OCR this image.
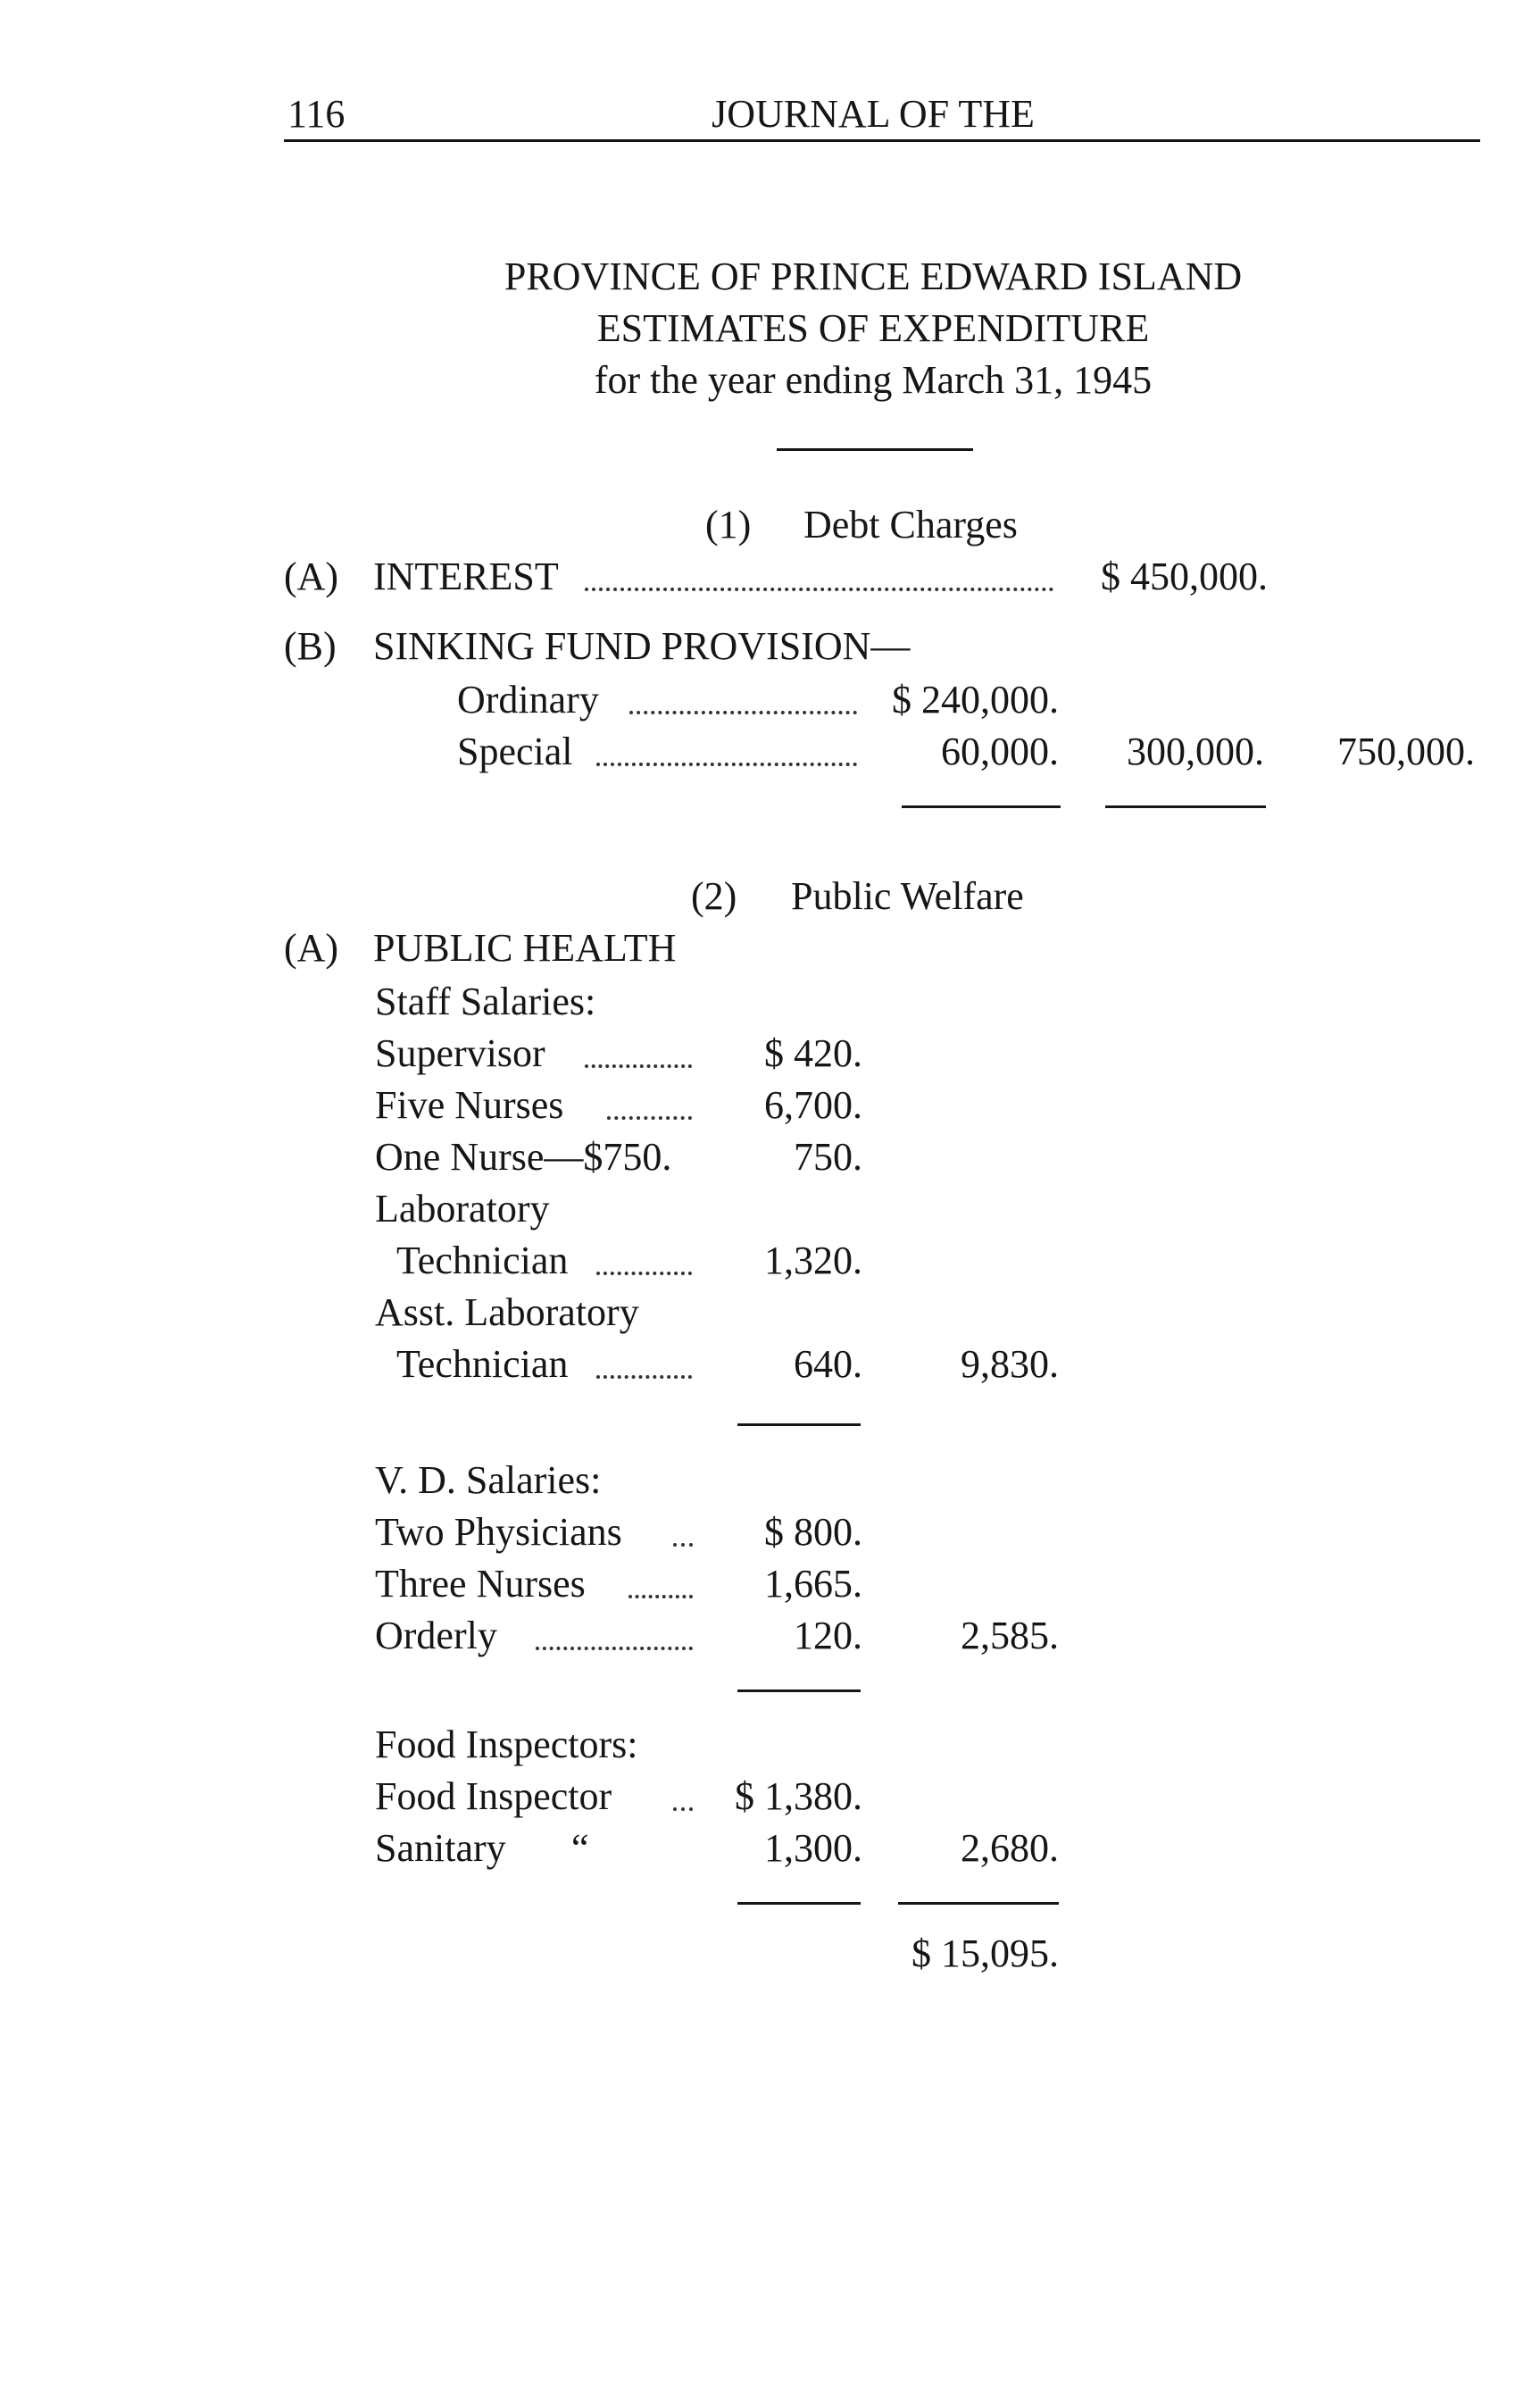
116	JOURNAL OF THE
PROVINCE OF PRINCE EDWARD ISLAND
ESTIMATES OF EXPENDITURE
for the year ending March 31, 1945
(1) Debt Charges
(A) INTEREST	$ 450,000.
(B) SINKING FUND PROVISION—
Ordinary	$ 240,000.
Special	60,000.	300,000.	750,000.
(2) Public Welfare
(A) PUBLIC HEALTH
Staff Salaries:
Supervisor	$ 420.
Five Nurses	6,700.
One Nurse—$750.	750.
Laboratory
Technician	1,320.
Asst. Laboratory
Technician	640.	9,830.
V. D. Salaries:
Two Physicians	$ 800.
Three Nurses	1,665.
Orderly	120.	2,585.
Food Inspectors:
Food Inspector	$ 1,380.
Sanitary “	1,300.	2,680.
$ 15,095.
